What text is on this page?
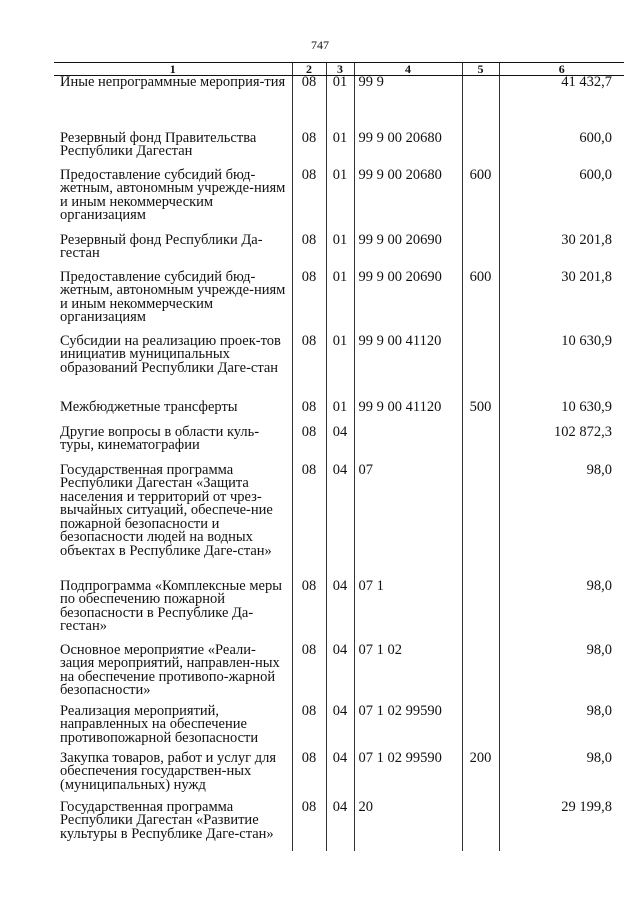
747
1	2	3	4	5	6
Иные непрограммные мероприя-тия	08	01	99 9		41 432,7
Резервный фонд Правительства Республики Дагестан	08	01	99 9 00 20680		600,0
Предоставление субсидий бюд-жетным, автономным учрежде-ниям и иным некоммерческим организациям	08	01	99 9 00 20680	600	600,0
Резервный фонд Республики Да-гестан	08	01	99 9 00 20690		30 201,8
Предоставление субсидий бюд-жетным, автономным учрежде-ниям и иным некоммерческим организациям	08	01	99 9 00 20690	600	30 201,8
Субсидии на реализацию проек-тов инициатив муниципальных образований Республики Даге-стан	08	01	99 9 00 41120		10 630,9
Межбюджетные трансферты	08	01	99 9 00 41120	500	10 630,9
Другие вопросы в области куль-туры, кинематографии	08	04			102 872,3
Государственная программа Республики Дагестан «Защита населения и территорий от чрез-вычайных ситуаций, обеспече-ние пожарной безопасности и безопасности людей на водных объектах в Республике Даге-стан»	08	04	07		98,0
Подпрограмма «Комплексные меры по обеспечению пожарной безопасности в Республике Да-гестан»	08	04	07 1		98,0
Основное мероприятие «Реали-зация мероприятий, направлен-ных на обеспечение противопо-жарной безопасности»	08	04	07 1 02		98,0
Реализация мероприятий, направленных на обеспечение противопожарной безопасности	08	04	07 1 02 99590		98,0
Закупка товаров, работ и услуг для обеспечения государствен-ных (муниципальных) нужд	08	04	07 1 02 99590	200	98,0
Государственная программа Республики Дагестан «Развитие культуры в Республике Даге-стан»	08	04	20		29 199,8
